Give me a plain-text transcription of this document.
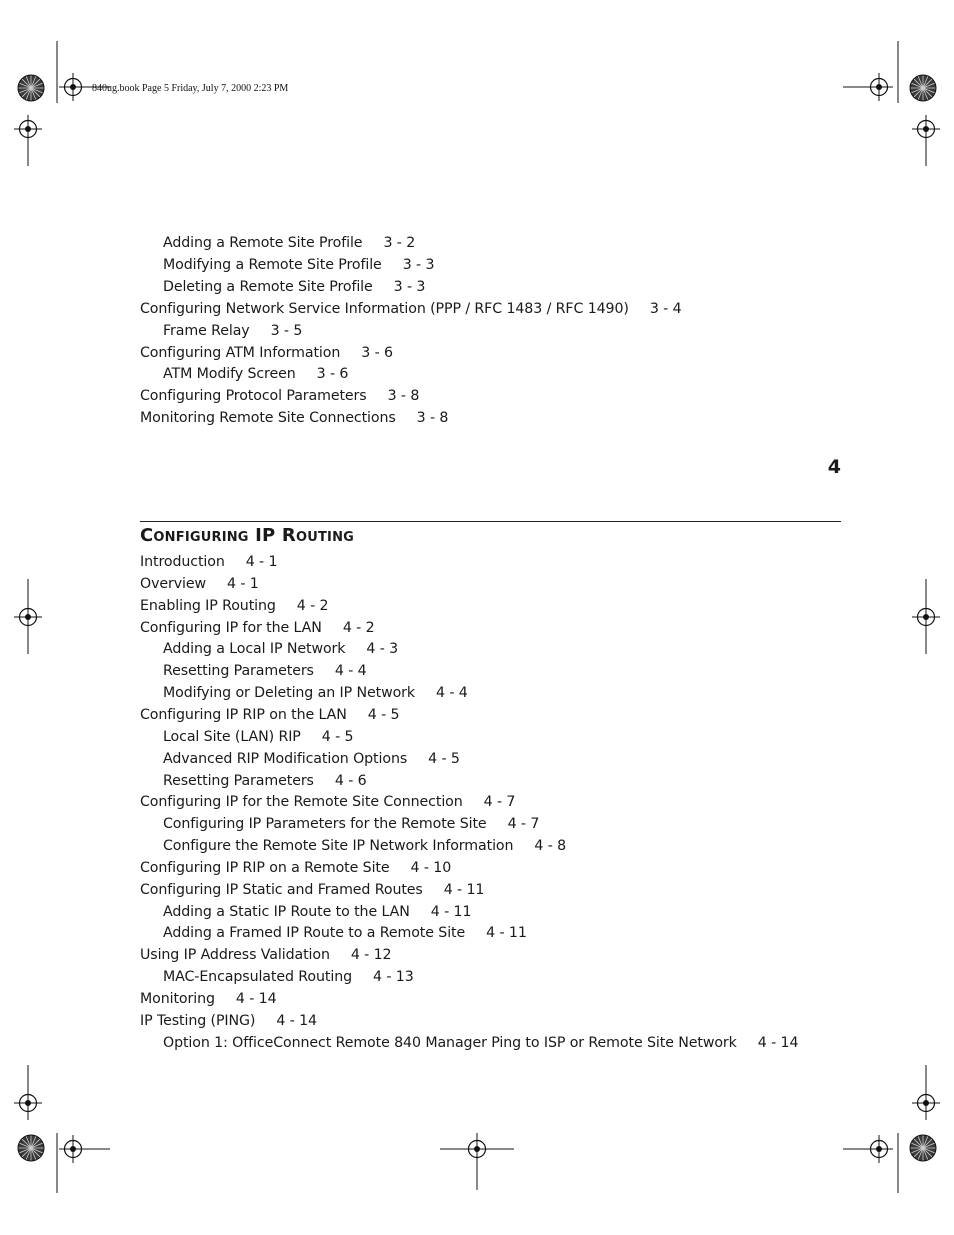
840ug.book Page 5 Friday, July 7, 2000 2:23 PM
Adding a Remote Site Profile 3 - 2
Modifying a Remote Site Profile 3 - 3
Deleting a Remote Site Profile 3 - 3
Configuring Network Service Information (PPP / RFC 1483 / RFC 1490) 3 - 4
Frame Relay 3 - 5
Configuring ATM Information 3 - 6
ATM Modify Screen 3 - 6
Configuring Protocol Parameters 3 - 8
Monitoring Remote Site Connections 3 - 8
4
Configuring IP Routing
Introduction 4 - 1
Overview 4 - 1
Enabling IP Routing 4 - 2
Configuring IP for the LAN 4 - 2
Adding a Local IP Network 4 - 3
Resetting Parameters 4 - 4
Modifying or Deleting an IP Network 4 - 4
Configuring IP RIP on the LAN 4 - 5
Local Site (LAN) RIP 4 - 5
Advanced RIP Modification Options 4 - 5
Resetting Parameters 4 - 6
Configuring IP for the Remote Site Connection 4 - 7
Configuring IP Parameters for the Remote Site 4 - 7
Configure the Remote Site IP Network Information 4 - 8
Configuring IP RIP on a Remote Site 4 - 10
Configuring IP Static and Framed Routes 4 - 11
Adding a Static IP Route to the LAN 4 - 11
Adding a Framed IP Route to a Remote Site 4 - 11
Using IP Address Validation 4 - 12
MAC-Encapsulated Routing 4 - 13
Monitoring 4 - 14
IP Testing (PING) 4 - 14
Option 1: OfficeConnect Remote 840 Manager Ping to ISP or Remote Site Network 4 - 14
